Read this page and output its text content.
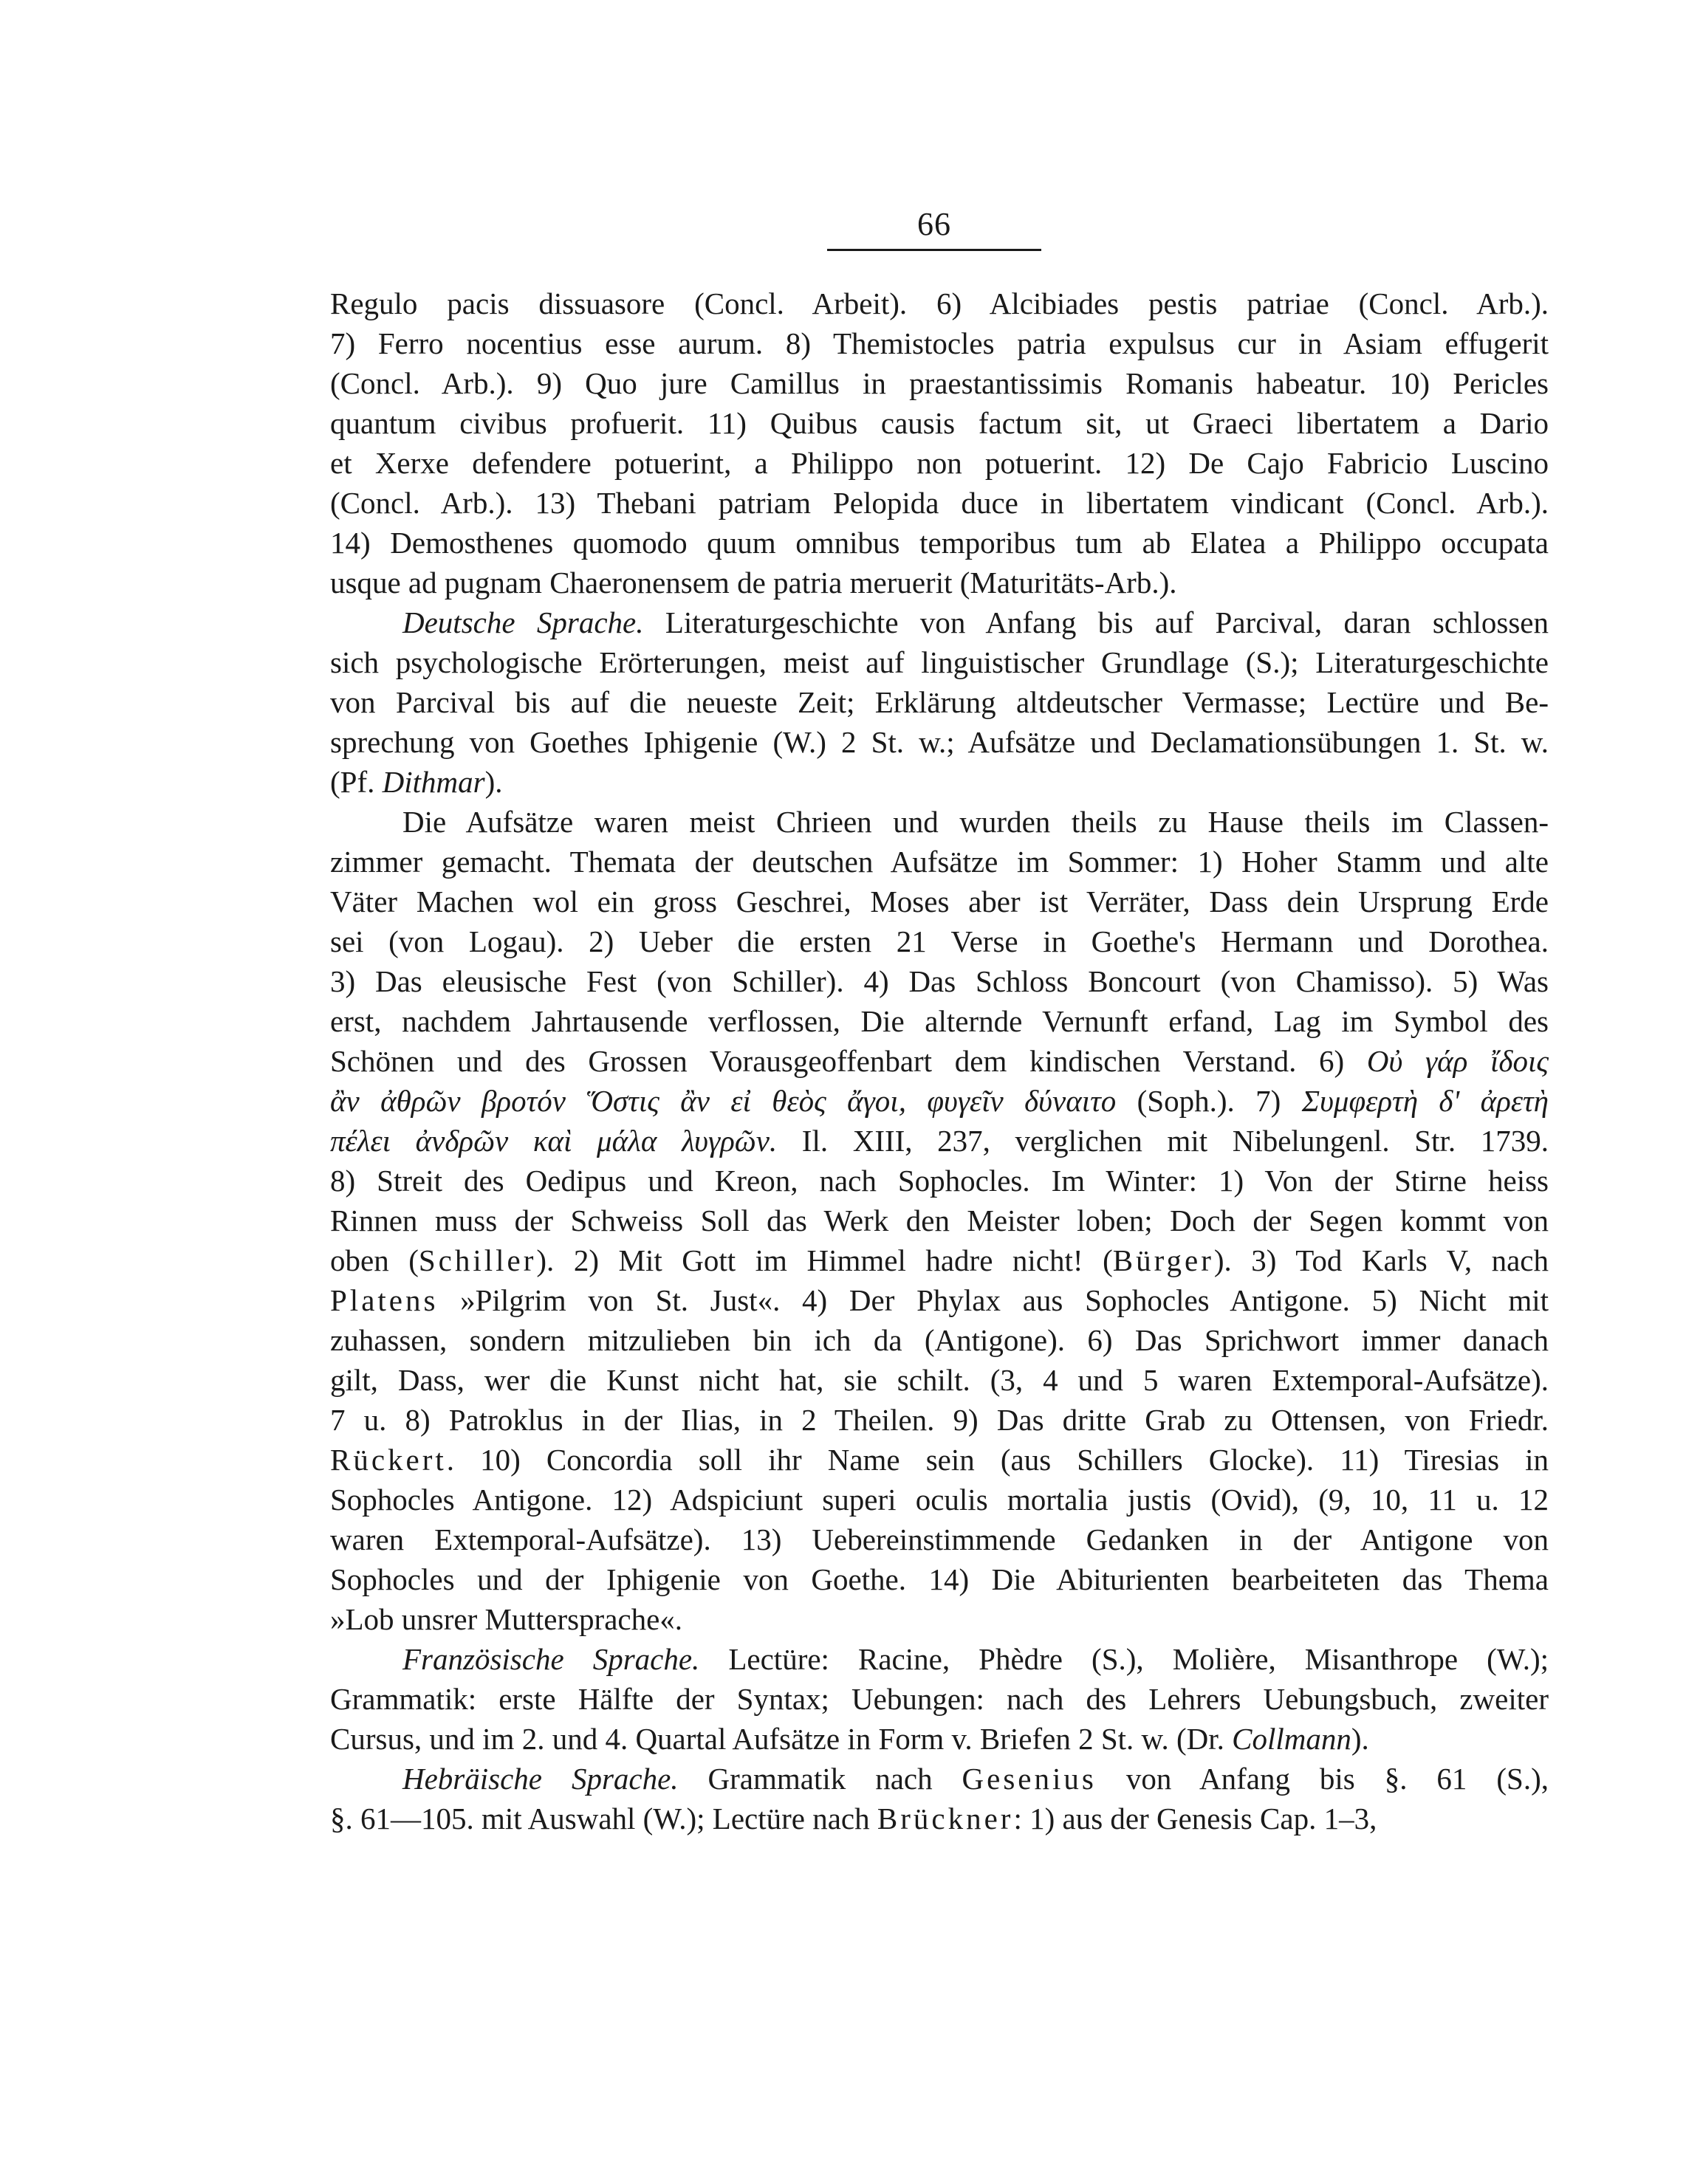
66
Regulo pacis dissuasore (Concl. Arbeit). 6) Alcibiades pestis patriae (Concl. Arb.).
7) Ferro nocentius esse aurum. 8) Themistocles patria expulsus cur in Asiam effugerit
(Concl. Arb.). 9) Quo jure Camillus in praestantissimis Romanis habeatur. 10) Pericles
quantum civibus profuerit. 11) Quibus causis factum sit, ut Graeci libertatem a Dario
et Xerxe defendere potuerint, a Philippo non potuerint. 12) De Cajo Fabricio Luscino
(Concl. Arb.). 13) Thebani patriam Pelopida duce in libertatem vindicant (Concl. Arb.).
14) Demosthenes quomodo quum omnibus temporibus tum ab Elatea a Philippo occupata
usque ad pugnam Chaeronensem de patria meruerit (Maturitäts-Arb.).
Deutsche Sprache. Literaturgeschichte von Anfang bis auf Parcival, daran schlossen
sich psychologische Erörterungen, meist auf linguistischer Grundlage (S.); Literaturgeschichte
von Parcival bis auf die neueste Zeit; Erklärung altdeutscher Vermasse; Lectüre und Be-
sprechung von Goethes Iphigenie (W.) 2 St. w.; Aufsätze und Declamationsübungen 1. St. w.
(Pf. Dithmar).
Die Aufsätze waren meist Chrieen und wurden theils zu Hause theils im Classen-
zimmer gemacht. Themata der deutschen Aufsätze im Sommer: 1) Hoher Stamm und alte
Väter Machen wol ein gross Geschrei, Moses aber ist Verräter, Dass dein Ursprung Erde
sei (von Logau). 2) Ueber die ersten 21 Verse in Goethe's Hermann und Dorothea.
3) Das eleusische Fest (von Schiller). 4) Das Schloss Boncourt (von Chamisso). 5) Was
erst, nachdem Jahrtausende verflossen, Die alternde Vernunft erfand, Lag im Symbol des
Schönen und des Grossen Vorausgeoffenbart dem kindischen Verstand. 6) Οὐ γάρ ἴδοις
ἂν ἀθρῶν βροτόν Ὅστις ἂν εἰ θεὸς ἄγοι, φυγεῖν δύναιτο (Soph.). 7) Συμφερτὴ δ' ἀρετὴ
πέλει ἀνδρῶν καὶ μάλα λυγρῶν. Il. XIII, 237, verglichen mit Nibelungenl. Str. 1739.
8) Streit des Oedipus und Kreon, nach Sophocles. Im Winter: 1) Von der Stirne heiss
Rinnen muss der Schweiss Soll das Werk den Meister loben; Doch der Segen kommt von
oben (Schiller). 2) Mit Gott im Himmel hadre nicht! (Bürger). 3) Tod Karls V, nach
Platens »Pilgrim von St. Just«. 4) Der Phylax aus Sophocles Antigone. 5) Nicht mit
zuhassen, sondern mitzulieben bin ich da (Antigone). 6) Das Sprichwort immer danach
gilt, Dass, wer die Kunst nicht hat, sie schilt. (3, 4 und 5 waren Extemporal-Aufsätze).
7 u. 8) Patroklus in der Ilias, in 2 Theilen. 9) Das dritte Grab zu Ottensen, von Friedr.
Rückert. 10) Concordia soll ihr Name sein (aus Schillers Glocke). 11) Tiresias in
Sophocles Antigone. 12) Adspiciunt superi oculis mortalia justis (Ovid), (9, 10, 11 u. 12
waren Extemporal-Aufsätze). 13) Uebereinstimmende Gedanken in der Antigone von
Sophocles und der Iphigenie von Goethe. 14) Die Abiturienten bearbeiteten das Thema
»Lob unsrer Muttersprache«.
Französische Sprache. Lectüre: Racine, Phèdre (S.), Molière, Misanthrope (W.);
Grammatik: erste Hälfte der Syntax; Uebungen: nach des Lehrers Uebungsbuch, zweiter
Cursus, und im 2. und 4. Quartal Aufsätze in Form v. Briefen 2 St. w. (Dr. Collmann).
Hebräische Sprache. Grammatik nach Gesenius von Anfang bis §. 61 (S.),
§. 61—105. mit Auswahl (W.); Lectüre nach Brückner: 1) aus der Genesis Cap. 1–3,
